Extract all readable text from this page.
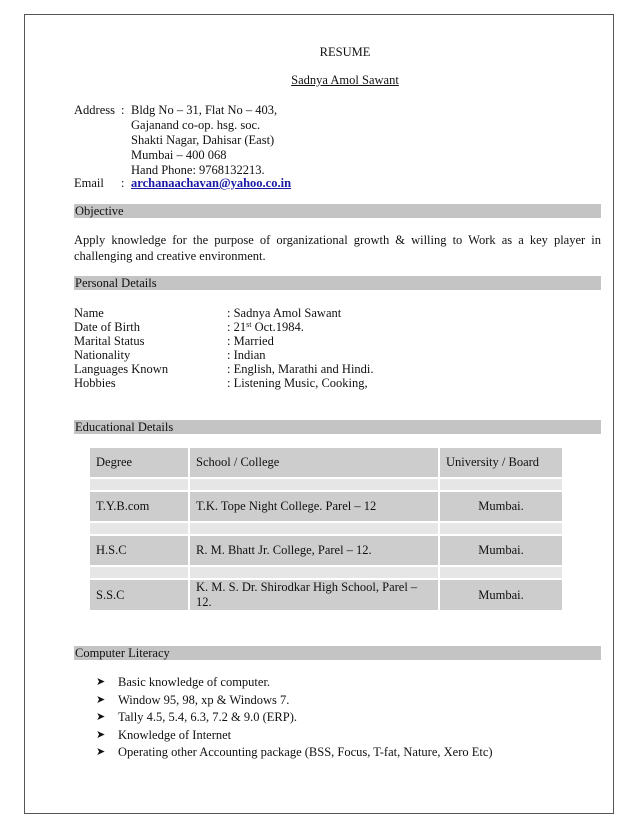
RESUME
Sadnya Amol Sawant
Address : Bldg No – 31, Flat No – 403,
Gajanand co-op. hsg. soc.
Shakti Nagar, Dahisar (East)
Mumbai – 400 068
Hand Phone: 9768132213.
Email : archanaachavan@yahoo.co.in
Objective
Apply knowledge for the purpose of organizational growth & willing to Work as a key player in challenging and creative environment.
Personal Details
Name	: Sadnya Amol Sawant
Date of Birth	: 21st Oct.1984.
Marital Status	: Married
Nationality	: Indian
Languages Known	: English, Marathi and Hindi.
Hobbies	: Listening Music, Cooking,
Educational Details
Degree	School / College	University / Board

T.Y.B.com	T.K. Tope Night College. Parel – 12	Mumbai.

H.S.C	R. M. Bhatt Jr. College, Parel – 12.	Mumbai.

S.S.C	K. M. S. Dr. Shirodkar High School, Parel – 12.	Mumbai.
Computer Literacy
➤ Basic knowledge of computer.
➤ Window 95, 98, xp & Windows 7.
➤ Tally 4.5, 5.4, 6.3, 7.2 & 9.0 (ERP).
➤ Knowledge of Internet
➤ Operating other Accounting package (BSS, Focus, T-fat, Nature, Xero Etc)
